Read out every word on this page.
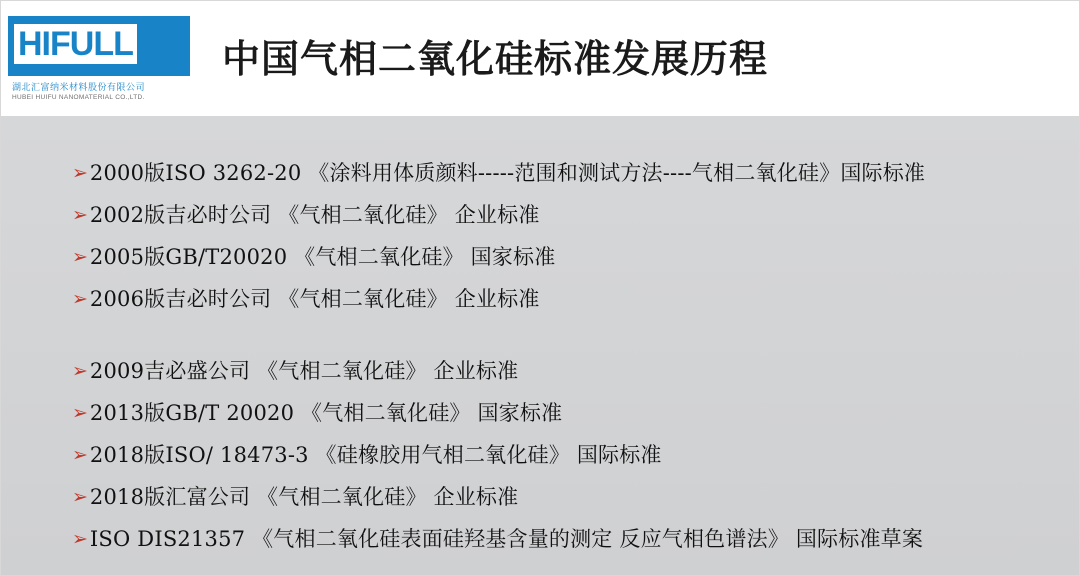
HIFULL
湖北汇富纳米材料股份有限公司
HUBEI HUIFU NANOMATERIAL CO.,LTD.
中国气相二氧化硅标准发展历程
➢ 2000版ISO 3262-20 《涂料用体质颜料-----范围和测试方法----气相二氧化硅》国际标准
➢ 2002版吉必时公司 《气相二氧化硅》 企业标准
➢ 2005版GB/T20020 《气相二氧化硅》 国家标准
➢ 2006版吉必时公司 《气相二氧化硅》 企业标准
➢ 2009吉必盛公司 《气相二氧化硅》 企业标准
➢ 2013版GB/T 20020 《气相二氧化硅》 国家标准
➢ 2018版ISO/ 18473-3 《硅橡胶用气相二氧化硅》 国际标准
➢ 2018版汇富公司 《气相二氧化硅》 企业标准
➢ ISO DIS21357 《气相二氧化硅表面硅羟基含量的测定 反应气相色谱法》 国际标准草案
